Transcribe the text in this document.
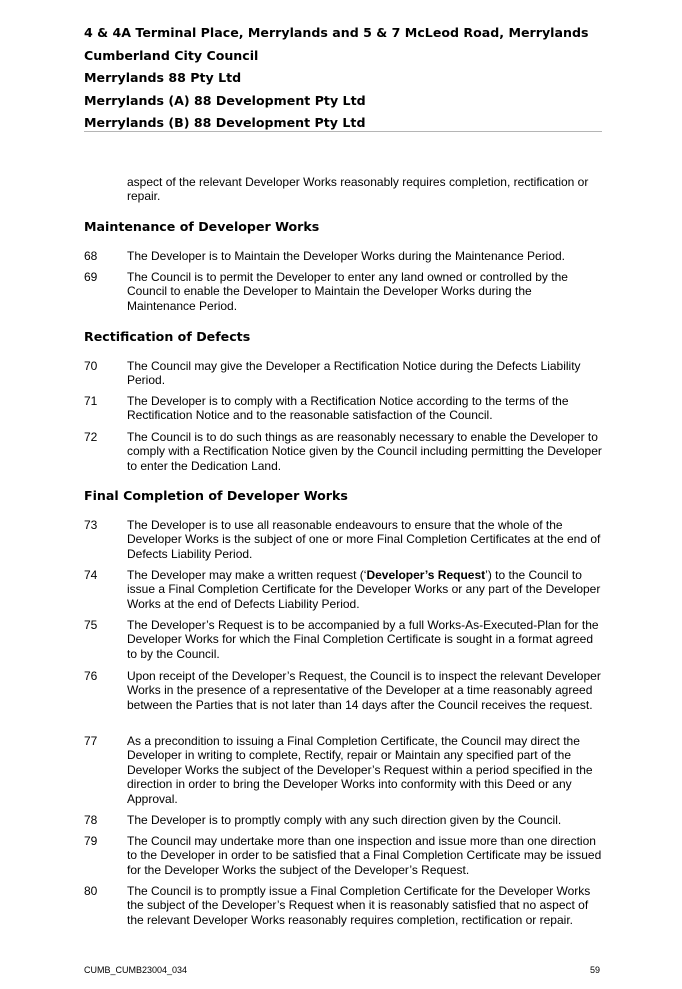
4 & 4A Terminal Place, Merrylands and 5 & 7 McLeod Road, Merrylands
Cumberland City Council
Merrylands 88 Pty Ltd
Merrylands (A) 88 Development Pty Ltd
Merrylands (B) 88 Development Pty Ltd
aspect of the relevant Developer Works reasonably requires completion, rectification or repair.
Maintenance of Developer Works
68 The Developer is to Maintain the Developer Works during the Maintenance Period.
69 The Council is to permit the Developer to enter any land owned or controlled by the Council to enable the Developer to Maintain the Developer Works during the Maintenance Period.
Rectification of Defects
70 The Council may give the Developer a Rectification Notice during the Defects Liability Period.
71 The Developer is to comply with a Rectification Notice according to the terms of the Rectification Notice and to the reasonable satisfaction of the Council.
72 The Council is to do such things as are reasonably necessary to enable the Developer to comply with a Rectification Notice given by the Council including permitting the Developer to enter the Dedication Land.
Final Completion of Developer Works
73 The Developer is to use all reasonable endeavours to ensure that the whole of the Developer Works is the subject of one or more Final Completion Certificates at the end of Defects Liability Period.
74 The Developer may make a written request (‘Developer’s Request’) to the Council to issue a Final Completion Certificate for the Developer Works or any part of the Developer Works at the end of Defects Liability Period.
75 The Developer’s Request is to be accompanied by a full Works-As-Executed-Plan for the Developer Works for which the Final Completion Certificate is sought in a format agreed to by the Council.
76 Upon receipt of the Developer’s Request, the Council is to inspect the relevant Developer Works in the presence of a representative of the Developer at a time reasonably agreed between the Parties that is not later than 14 days after the Council receives the request.
77 As a precondition to issuing a Final Completion Certificate, the Council may direct the Developer in writing to complete, Rectify, repair or Maintain any specified part of the Developer Works the subject of the Developer’s Request within a period specified in the direction in order to bring the Developer Works into conformity with this Deed or any Approval.
78 The Developer is to promptly comply with any such direction given by the Council.
79 The Council may undertake more than one inspection and issue more than one direction to the Developer in order to be satisfied that a Final Completion Certificate may be issued for the Developer Works the subject of the Developer’s Request.
80 The Council is to promptly issue a Final Completion Certificate for the Developer Works the subject of the Developer’s Request when it is reasonably satisfied that no aspect of the relevant Developer Works reasonably requires completion, rectification or repair.
CUMB_CUMB23004_034	59
